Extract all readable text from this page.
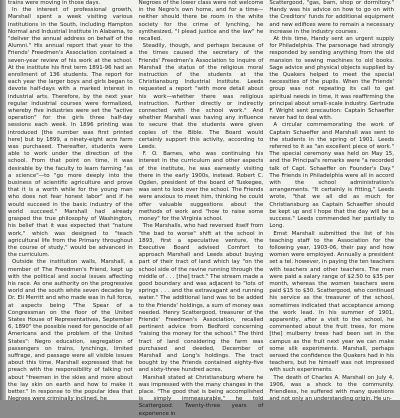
trains were moving in those days.

In the interest of professional growth, Marshall spent a week visiting various institutions in the South, including Hampton Normal and Industrial Institute in Alabama, to "deliver the annual address on behalf of the Alumni." His annual report that year to the Friends' Freedmen's Association contained a seven-year review of his work at the school. At the institute his first term 1891-96 had an enrollment of 136 students. The report for each year the larger boys and girls began to devote half-days with a marked interest in industrial arts. Therefore, by the next year regular industrial courses were formalized, whereby five industries were set the "active operation" for the girls three half-day sessions each week. In 1896 printing was introduced [the number was first printed here] but by 1899, a ninety-eight acre farm was purchased. Thereafter, students were able to work under the direction of the school. From that point on time, it was desirable by the faculty to learn farming "as a science"—to "go more deeply into the business of scientific agriculture and prove that it is a worth while for the young man who does not fear honest labor" and if he would succeed in the basic industry of the world succeed." Marshall had already grasped the true philosophy of Washington, his belief that it was expected that "nature work," which was designed to "teach agricultural life from the Primary throughout the course of study," would be advanced in the curriculum.

Outside the institution walls, Marshall, a member of The Freedmen's Friend, kept up with the political and social issues affecting his race. As one authority on the progressive world and the south white seven decades by Dr. Eli Merritt and who made was in full force, at aspects being "The Spear of a Congressman on the floor of the United States House of Representatives, September 6, 1890" the possible need for genocide of all Americans and the problem of the United States": Negro education, segregation of passengers on trains, lynchings, limited suffrage, and passage were all visible issues about this time. Marshall expressed that he preach with the responsibility of talking not about "freemen in the skies and more about the lay skin on earth and how to make it better." In response to the popular idea that Negroes were criminally inclined, he

Negroes of the lower class were not welcome in the Negro's own home, and for a time—neither should there be room in the white society for the crime of lynching, he synthesized, "I plead justice and the law" he recalled.

Steadily, though, and perhaps because of the times caused the secretary of the Friends' Freedmen's Association to inquire of Marshall the status of the religious moral instruction of the students at the Christiansburg Industrial Institute. Leeds requested a report "with more detail about his work—whether there was religious instruction. Further directly or indirectly connected with the school work." And whether Marshall was having any influence to secure that the students were given copies of the Bible. The Board would certainly support this activity, according to Leeds.

F. O. Barnes, who was continuing his interest in the curriculum and other aspects of the institute, he was earnestly visiting there in the early 1900s, instead. Robert C. Ogden, president of the board of Tuskegee, was sent to look over the school. The Friends were anxious to meet him, thinking he could offer valuable suggestions about the methods of work and "how to raise some money" for the Virginia school.

The Marshalls, who had reversed itself from "the bad to worse" shift at the school in 1893, first a speculative venture, the Executive Board advised Comfort to approach Marshall and Leeds about buying part of their tract of land which lay "on the school side of the ravine running through the middle of . . . [the] tract." The stream made a good boundary and was adjacent to "lots of springs . . . and the extravagant and running water." The additional land was to be added to the Friends' holdings, a sum of money was needed. Henry Scattergood, treasurer of the Friends' Freedmen's Association, recalled pertinent advice from Bedford concerning "raising the money for the school." The third tract of land considering the farm was purchased and deeded, December of Marshall and Long's holdings. The tract bought by the Friends contained eighty-five and sixty-three hundred acres.

Marshall stated at Christiansburg where he was impressed with the many changes in the place. "The good that is being accomplished is simply immeasurable," he told Scattergood. Twenty-three years of experience in

Scattergood, "gas, barn, shop or dormitory." Handy was his advice on how to go on with the Creditors' funds for additional equipment and new edifices were to remain a necessary increase in the industry courses.

At this time, Handy sent an urgent supply for Philadelphia. The parsonage had strongly responded by sending anything from the old mansion to sewing machines to old books. Sage advice and physical objects supplied by the Quakers helped to meet the special necessities of the pupils. When the Friends' group was not repeating its call to get spiritual needs in time, it was reaffirming the principal about small-scale industry. Gertrude F. Wright sent precaution: Captain Schaeffer never had to deal with.

A circular commemorating the work of Captain Schaeffer and Marshall was sent to the students in the spring of 1901. Leeds referred to it as "an excellent piece of work." The special ceremony was held on May 15, and the Principal's remarks were "a recorded talk of Capt. Schaeffer on Founder's Day." The Friends in Philadelphia were all in accord with the school administration's arrangements. "It certainly is fitting," Leeds wrote, "that we all did as much for Christiansburg as Captain Schaeffer should be kept up and I hope that the day will be a success." Leeds commended her partially to Long.

Ernst Marshall submitted the list of his teaching staff to the Association for the following year, 1903-06, their pay and how women were employed. Annually a president set a tel. however, in paying the ten teachers with teachers and other teachers. The men were paid a salary range of $2.50 to $35 per month, whereas the women teachers were paid $15 to $30. Scattergood, who continued his service as the treasurer of the school, sometimes indicated that acceptance among the work lead. In his summer of 1901, apparently, after a visit to the school, he commented about the fruit trees, for more [the] mulberry trees had been set in the campus as the fruit next year we can make some silk experiments. Marshall, perhaps sensed the confidence the Quakers had in his teachers, but he himself was not impressed with such experiments.

The death of Charles A. Marshall on July 4, 1906, was a shock to the community. Friendless, he suffered with many questions and not only an understanding origin. He un-
